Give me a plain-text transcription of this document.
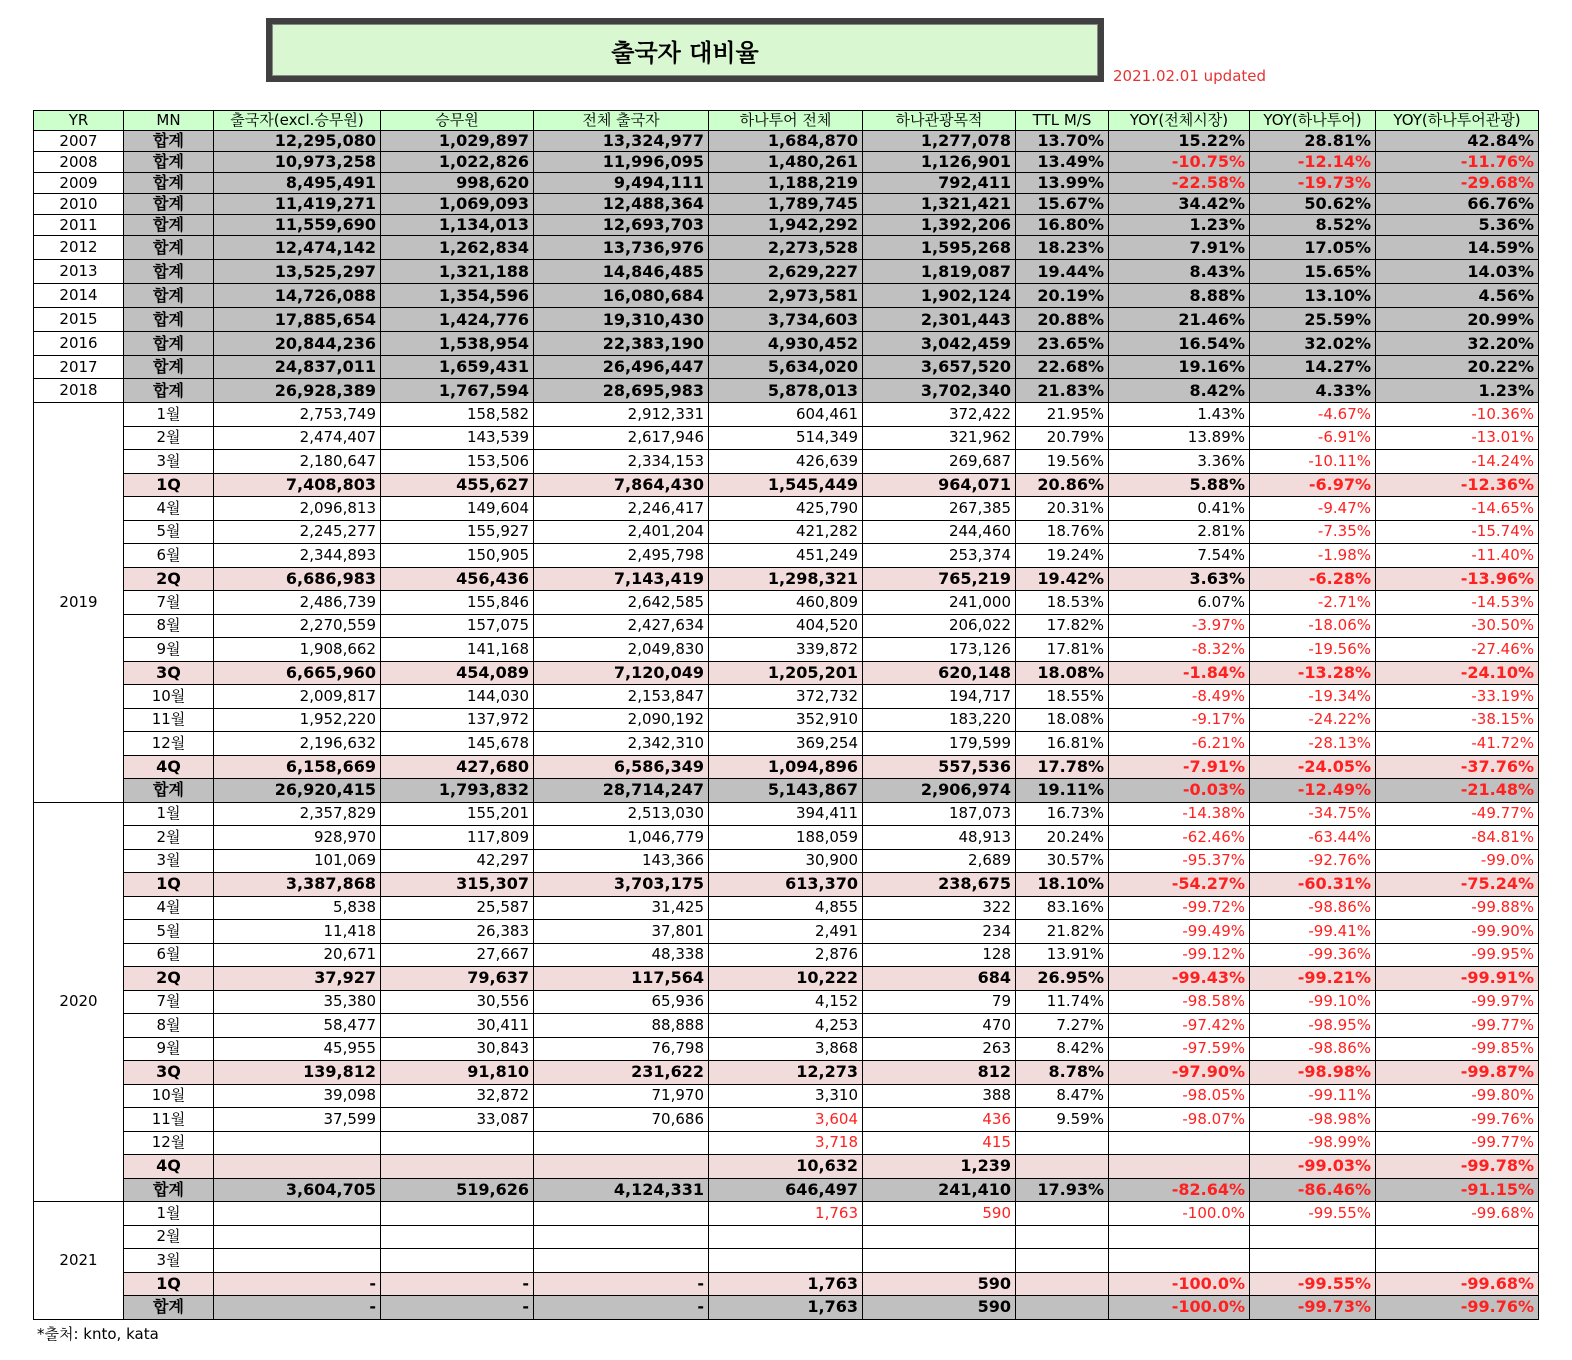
출국자 대비율
2021.02.01 updated
YR	MN	출국자(excl.승무원)	승무원	전체 출국자	하나투어 전체	하나관광목적	TTL M/S	YOY(전체시장)	YOY(하나투어)	YOY(하나투어관광)
2007	합계	12,295,080	1,029,897	13,324,977	1,684,870	1,277,078	13.70%	15.22%	28.81%	42.84%
2008	합계	10,973,258	1,022,826	11,996,095	1,480,261	1,126,901	13.49%	-10.75%	-12.14%	-11.76%
2009	합계	8,495,491	998,620	9,494,111	1,188,219	792,411	13.99%	-22.58%	-19.73%	-29.68%
2010	합계	11,419,271	1,069,093	12,488,364	1,789,745	1,321,421	15.67%	34.42%	50.62%	66.76%
2011	합계	11,559,690	1,134,013	12,693,703	1,942,292	1,392,206	16.80%	1.23%	8.52%	5.36%
2012	합계	12,474,142	1,262,834	13,736,976	2,273,528	1,595,268	18.23%	7.91%	17.05%	14.59%
2013	합계	13,525,297	1,321,188	14,846,485	2,629,227	1,819,087	19.44%	8.43%	15.65%	14.03%
2014	합계	14,726,088	1,354,596	16,080,684	2,973,581	1,902,124	20.19%	8.88%	13.10%	4.56%
2015	합계	17,885,654	1,424,776	19,310,430	3,734,603	2,301,443	20.88%	21.46%	25.59%	20.99%
2016	합계	20,844,236	1,538,954	22,383,190	4,930,452	3,042,459	23.65%	16.54%	32.02%	32.20%
2017	합계	24,837,011	1,659,431	26,496,447	5,634,020	3,657,520	22.68%	19.16%	14.27%	20.22%
2018	합계	26,928,389	1,767,594	28,695,983	5,878,013	3,702,340	21.83%	8.42%	4.33%	1.23%
2019	1월	2,753,749	158,582	2,912,331	604,461	372,422	21.95%	1.43%	-4.67%	-10.36%
	2월	2,474,407	143,539	2,617,946	514,349	321,962	20.79%	13.89%	-6.91%	-13.01%
	3월	2,180,647	153,506	2,334,153	426,639	269,687	19.56%	3.36%	-10.11%	-14.24%
	1Q	7,408,803	455,627	7,864,430	1,545,449	964,071	20.86%	5.88%	-6.97%	-12.36%
	4월	2,096,813	149,604	2,246,417	425,790	267,385	20.31%	0.41%	-9.47%	-14.65%
	5월	2,245,277	155,927	2,401,204	421,282	244,460	18.76%	2.81%	-7.35%	-15.74%
	6월	2,344,893	150,905	2,495,798	451,249	253,374	19.24%	7.54%	-1.98%	-11.40%
	2Q	6,686,983	456,436	7,143,419	1,298,321	765,219	19.42%	3.63%	-6.28%	-13.96%
	7월	2,486,739	155,846	2,642,585	460,809	241,000	18.53%	6.07%	-2.71%	-14.53%
	8월	2,270,559	157,075	2,427,634	404,520	206,022	17.82%	-3.97%	-18.06%	-30.50%
	9월	1,908,662	141,168	2,049,830	339,872	173,126	17.81%	-8.32%	-19.56%	-27.46%
	3Q	6,665,960	454,089	7,120,049	1,205,201	620,148	18.08%	-1.84%	-13.28%	-24.10%
	10월	2,009,817	144,030	2,153,847	372,732	194,717	18.55%	-8.49%	-19.34%	-33.19%
	11월	1,952,220	137,972	2,090,192	352,910	183,220	18.08%	-9.17%	-24.22%	-38.15%
	12월	2,196,632	145,678	2,342,310	369,254	179,599	16.81%	-6.21%	-28.13%	-41.72%
	4Q	6,158,669	427,680	6,586,349	1,094,896	557,536	17.78%	-7.91%	-24.05%	-37.76%
	합계	26,920,415	1,793,832	28,714,247	5,143,867	2,906,974	19.11%	-0.03%	-12.49%	-21.48%
2020	1월	2,357,829	155,201	2,513,030	394,411	187,073	16.73%	-14.38%	-34.75%	-49.77%
	2월	928,970	117,809	1,046,779	188,059	48,913	20.24%	-62.46%	-63.44%	-84.81%
	3월	101,069	42,297	143,366	30,900	2,689	30.57%	-95.37%	-92.76%	-99.0%
	1Q	3,387,868	315,307	3,703,175	613,370	238,675	18.10%	-54.27%	-60.31%	-75.24%
	4월	5,838	25,587	31,425	4,855	322	83.16%	-99.72%	-98.86%	-99.88%
	5월	11,418	26,383	37,801	2,491	234	21.82%	-99.49%	-99.41%	-99.90%
	6월	20,671	27,667	48,338	2,876	128	13.91%	-99.12%	-99.36%	-99.95%
	2Q	37,927	79,637	117,564	10,222	684	26.95%	-99.43%	-99.21%	-99.91%
	7월	35,380	30,556	65,936	4,152	79	11.74%	-98.58%	-99.10%	-99.97%
	8월	58,477	30,411	88,888	4,253	470	7.27%	-97.42%	-98.95%	-99.77%
	9월	45,955	30,843	76,798	3,868	263	8.42%	-97.59%	-98.86%	-99.85%
	3Q	139,812	91,810	231,622	12,273	812	8.78%	-97.90%	-98.98%	-99.87%
	10월	39,098	32,872	71,970	3,310	388	8.47%	-98.05%	-99.11%	-99.80%
	11월	37,599	33,087	70,686	3,604	436	9.59%	-98.07%	-98.98%	-99.76%
	12월				3,718	415			-98.99%	-99.77%
	4Q				10,632	1,239			-99.03%	-99.78%
	합계	3,604,705	519,626	4,124,331	646,497	241,410	17.93%	-82.64%	-86.46%	-91.15%
2021	1월				1,763	590		-100.0%	-99.55%	-99.68%
	2월									
	3월									
	1Q	-	-	-	1,763	590		-100.0%	-99.55%	-99.68%
	합계	-	-	-	1,763	590		-100.0%	-99.73%	-99.76%
*출처: knto, kata
